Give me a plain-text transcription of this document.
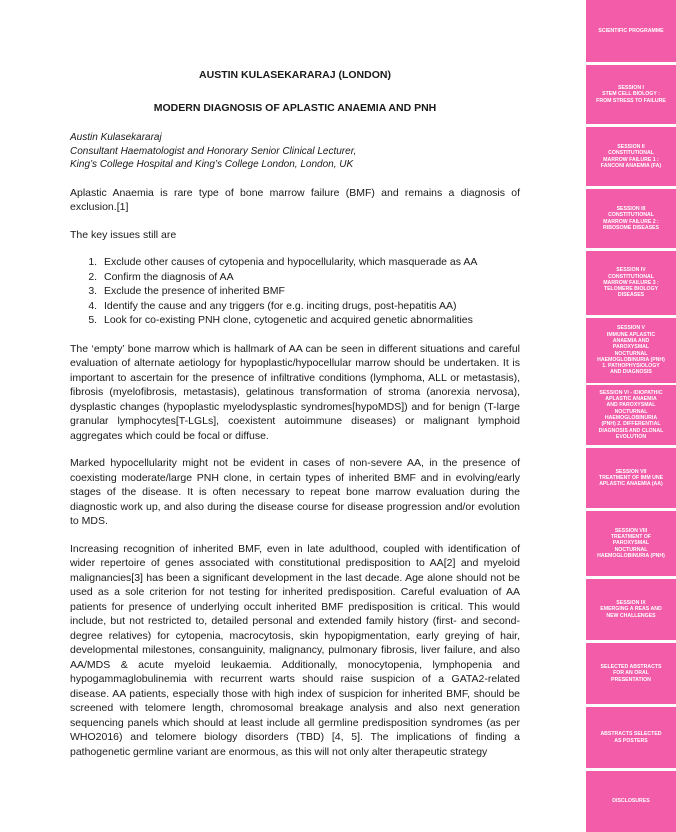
AUSTIN KULASEKARARAJ (LONDON)

MODERN DIAGNOSIS OF APLASTIC ANAEMIA AND PNH

Austin Kulasekararaj
Consultant Haematologist and Honorary Senior Clinical Lecturer,
King’s College Hospital and King’s College London, London, UK

Aplastic Anaemia is rare type of bone marrow failure (BMF) and remains a diagnosis of exclusion.[1]

The key issues still are

1. Exclude other causes of cytopenia and hypocellularity, which masquerade as AA
2. Confirm the diagnosis of AA
3. Exclude the presence of inherited BMF
4. Identify the cause and any triggers (for e.g. inciting drugs, post-hepatitis AA)
5. Look for co-existing PNH clone, cytogenetic and acquired genetic abnormalities

The ‘empty’ bone marrow which is hallmark of AA can be seen in different situations and careful evaluation of alternate aetiology for hypoplastic/hypocellular marrow should be undertaken. It is important to ascertain for the presence of infiltrative conditions (lymphoma, ALL or metastasis), fibrosis (myelofibrosis, metastasis), gelatinous transformation of stroma (anorexia nervosa), dysplastic changes (hypoplastic myelodysplastic syndromes[hypoMDS]) and for benign (T-large granular lymphocytes[T-LGLs], coexistent autoimmune diseases) or malignant lymphoid aggregates which could be focal or diffuse.

Marked hypocellularity might not be evident in cases of non-severe AA, in the presence of coexisting moderate/large PNH clone, in certain types of inherited BMF and in evolving/early stages of the disease. It is often necessary to repeat bone marrow evaluation during the diagnostic work up, and also during the disease course for disease progression and/or evolution to MDS.

Increasing recognition of inherited BMF, even in late adulthood, coupled with identification of wider repertoire of genes associated with constitutional predisposition to AA[2] and myeloid malignancies[3] has been a significant development in the last decade. Age alone should not be used as a sole criterion for not testing for inherited predisposition. Careful evaluation of AA patients for presence of underlying occult inherited BMF predisposition is critical. This would include, but not restricted to, detailed personal and extended family history (first- and second-degree relatives) for cytopenia, macrocytosis, skin hypopigmentation, early greying of hair, developmental milestones, consanguinity, malignancy, pulmonary fibrosis, liver failure, and also AA/MDS & acute myeloid leukaemia. Additionally, monocytopenia, lymphopenia and hypogammaglobulinemia with recurrent warts should raise suspicion of a GATA2-related disease. AA patients, especially those with high index of suspicion for inherited BMF, should be screened with telomere length, chromosomal breakage analysis and also next generation sequencing panels which should at least include all germline predisposition syndromes (as per WHO2016) and telomere biology disorders (TBD) [4, 5]. The implications of finding a pathogenetic germline variant are enormous, as this will not only alter therapeutic strategy

SCIENTIFIC PROGRAMME
SESSION I
STEM CELL BIOLOGY :
FROM STRESS TO FAILURE
SESSION II
CONSTITUTIONAL
MARROW FAILURE 1 :
FANCONI ANAEMIA (FA)
SESSION III
CONSTITUTIONAL
MARROW FAILURE 2 :
RIBOSOME DISEASES
SESSION IV
CONSTITUTIONAL
MARROW FAILURE 3 :
TELOMERE BIOLOGY
DISEASES
SESSION V
IMMUNE APLASTIC
ANAEMIA AND
PAROXYSMAL
NOCTURNAL
HAEMOGLOBINURIA (PNH)
1. PATHOPHYSIOLOGY
AND DIAGNOSIS
SESSION VI - IDIOPATHIC
APLASTIC ANAEMIA
AND PAROXYSMAL
NOCTURNAL
HAEMOGLOBINURIA
(PNH) 2. DIFFERENTIAL
DIAGNOSIS AND CLONAL
EVOLUTION
SESSION VII
TREATMENT OF IMM UNE
APLASTIC ANAEMIA (AA)
SESSION VIII
TREATMENT OF
PAROXYSMAL
NOCTURNAL
HAEMOGLOBINURIA (PNH)
SESSION IX
EMERGING A REAS AND
NEW CHALLENGES
SELECTED ABSTRACTS
FOR AN ORAL
PRESENTATION
ABSTRACTS SELECTED
AS POSTERS
DISCLOSURES
